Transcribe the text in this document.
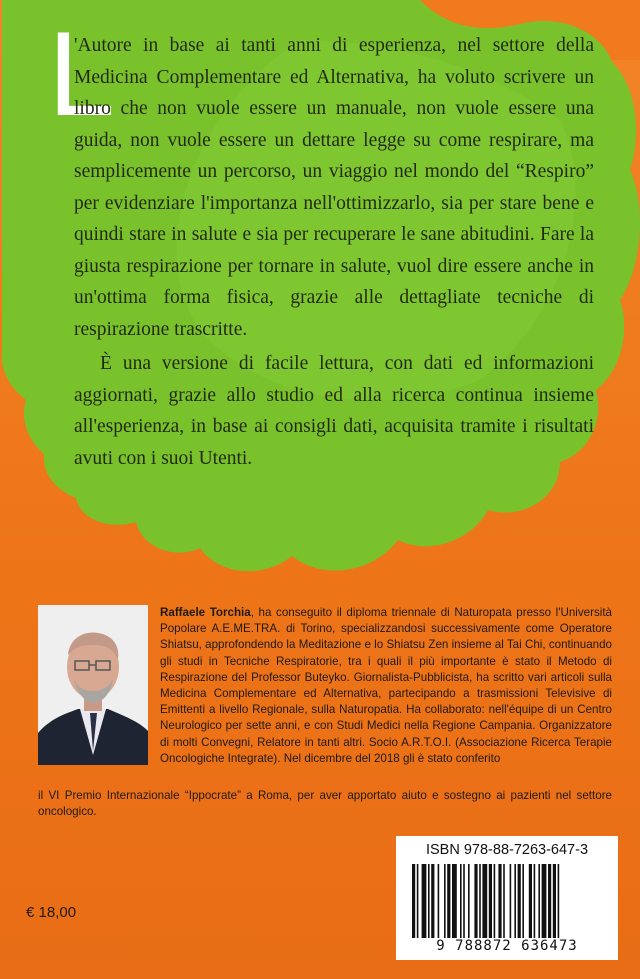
L

'Autore in base ai tanti anni di esperienza, nel settore della Medicina Complementare ed Alternativa, ha voluto scrivere un libro che non vuole essere un manuale, non vuole essere una guida, non vuole essere un dettare legge su come respirare, ma semplicemente un percorso, un viaggio nel mondo del “Respiro” per evidenziare l'importanza nell'ottimizzarlo, sia per stare bene e quindi stare in salute e sia per recuperare le sane abitudini. Fare la giusta respirazione per tornare in salute, vuol dire essere anche in un'ottima forma fisica, grazie alle dettagliate tecniche di respirazione trascritte.

È una versione di facile lettura, con dati ed informazioni aggiornati, grazie allo studio ed alla ricerca continua insieme all'esperienza, in base ai consigli dati, acquisita tramite i risultati avuti con i suoi Utenti.

Raffaele Torchia, ha conseguito il diploma triennale di Naturopata presso l'Università Popolare A.E.ME.TRA. di Torino, specializzandosi successivamente come Operatore Shiatsu, approfondendo la Meditazione e lo Shiatsu Zen insieme al Tai Chi, continuando gli studi in Tecniche Respiratorie, tra i quali il più importante è stato il Metodo di Respirazione del Professor Buteyko. Giornalista-Pubblicista, ha scritto vari articoli sulla Medicina Complementare ed Alternativa, partecipando a trasmissioni Televisive di Emittenti a livello Regionale, sulla Naturopatia. Ha collaborato: nell'équipe di un Centro Neurologico per sette anni, e con Studi Medici nella Regione Campania. Organizzatore di molti Convegni, Relatore in tanti altri. Socio A.R.T.O.I. (Associazione Ricerca Terapie Oncologiche Integrate). Nel dicembre del 2018 gli è stato conferito
il VI Premio Internazionale “Ippocrate” a Roma, per aver apportato aiuto e sostegno ai pazienti nel settore oncologico.
ISBN 978-88-7263-647-3
9 788872 636473
€ 18,00
